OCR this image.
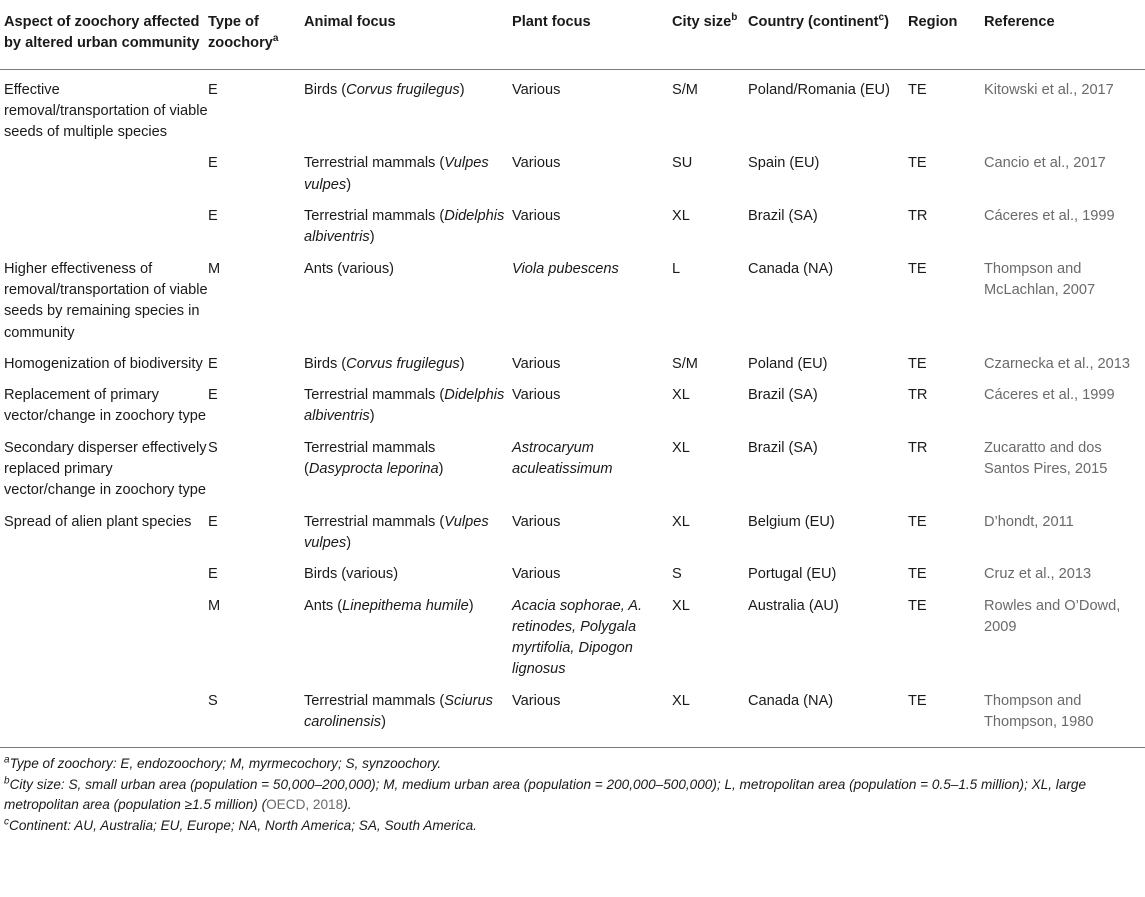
Aspect of zoochory affected by altered urban community	Type of zoochory$^a$	Animal focus	Plant focus	City size$^b$	Country (continent$^c$)	Region	Reference
Effective removal/transportation of viable seeds of multiple species	E	Birds (Corvus frugilegus)	Various	S/M	Poland/Romania (EU)	TE	Kitowski et al., 2017
	E	Terrestrial mammals (Vulpes vulpes)	Various	SU	Spain (EU)	TE	Cancio et al., 2017
	E	Terrestrial mammals (Didelphis albiventris)	Various	XL	Brazil (SA)	TR	Cáceres et al., 1999
Higher effectiveness of removal/transportation of viable seeds by remaining species in community	M	Ants (various)	Viola pubescens	L	Canada (NA)	TE	Thompson and McLachlan, 2007
Homogenization of biodiversity	E	Birds (Corvus frugilegus)	Various	S/M	Poland (EU)	TE	Czarnecka et al., 2013
Replacement of primary vector/change in zoochory type	E	Terrestrial mammals (Didelphis albiventris)	Various	XL	Brazil (SA)	TR	Cáceres et al., 1999
Secondary disperser effectively replaced primary vector/change in zoochory type	S	Terrestrial mammals (Dasyprocta leporina)	Astrocaryum aculeatissimum	XL	Brazil (SA)	TR	Zucaratto and dos Santos Pires, 2015
Spread of alien plant species	E	Terrestrial mammals (Vulpes vulpes)	Various	XL	Belgium (EU)	TE	D’hondt, 2011
	E	Birds (various)	Various	S	Portugal (EU)	TE	Cruz et al., 2013
	M	Ants (Linepithema humile)	Acacia sophorae, A. retinodes, Polygala myrtifolia, Dipogon lignosus	XL	Australia (AU)	TE	Rowles and O’Dowd, 2009
	S	Terrestrial mammals (Sciurus carolinensis)	Various	XL	Canada (NA)	TE	Thompson and Thompson, 1980

$^a$Type of zoochory: E, endozoochory; M, myrmecochory; S, synzoochory.

$^b$City size: S, small urban area (population = 50,000–200,000); M, medium urban area (population = 200,000–500,000); L, metropolitan area (population = 0.5–1.5 million); XL, large metropolitan area (population ≥1.5 million) (OECD, 2018).

$^c$Continent: AU, Australia; EU, Europe; NA, North America; SA, South America.
